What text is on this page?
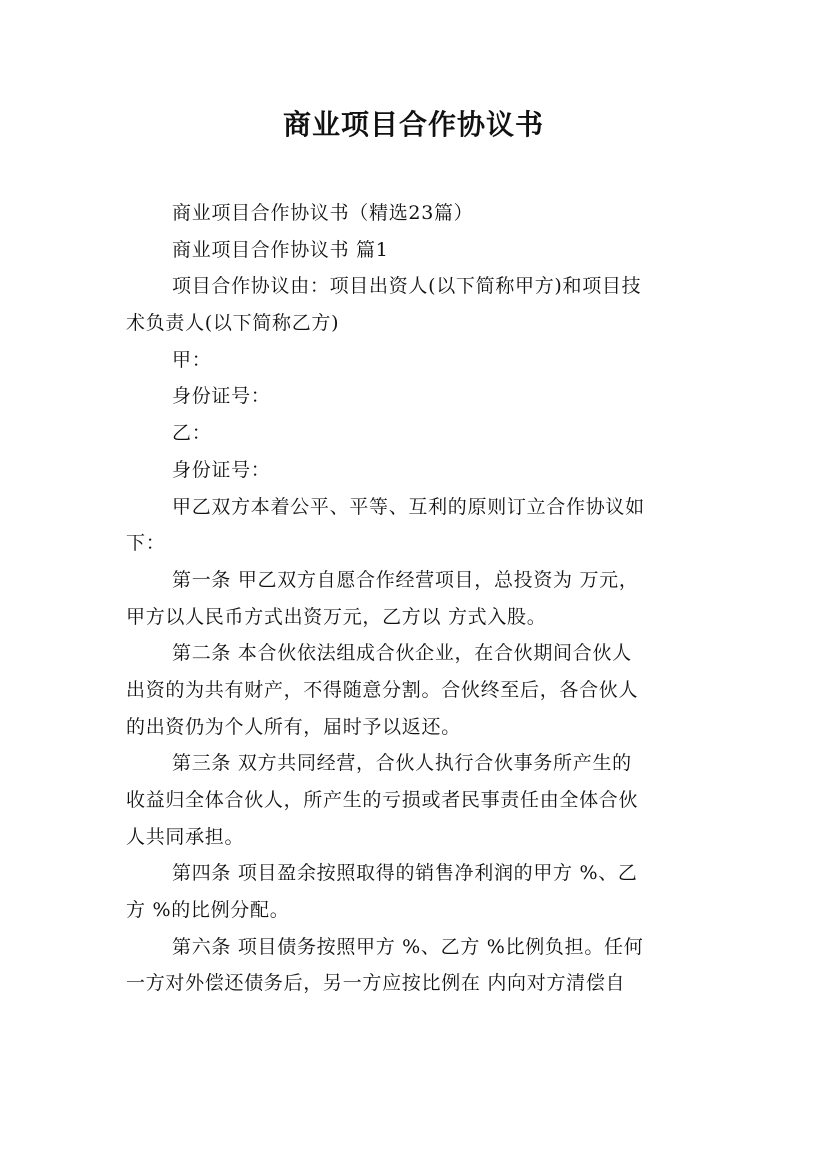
商业项目合作协议书
商业项目合作协议书（精选23篇）
商业项目合作协议书 篇1
项目合作协议由：项目出资人(以下简称甲方)和项目技
术负责人(以下简称乙方)
甲：
身份证号：
乙：
身份证号：
甲乙双方本着公平、平等、互利的原则订立合作协议如
下：
第一条 甲乙双方自愿合作经营项目，总投资为 万元，
甲方以人民币方式出资万元，乙方以 方式入股。
第二条 本合伙依法组成合伙企业，在合伙期间合伙人
出资的为共有财产，不得随意分割。合伙终至后，各合伙人
的出资仍为个人所有，届时予以返还。
第三条 双方共同经营，合伙人执行合伙事务所产生的
收益归全体合伙人，所产生的亏损或者民事责任由全体合伙
人共同承担。
第四条 项目盈余按照取得的销售净利润的甲方 %、乙
方 %的比例分配。
第六条 项目债务按照甲方 %、乙方 %比例负担。任何
一方对外偿还债务后，另一方应按比例在 内向对方清偿自
